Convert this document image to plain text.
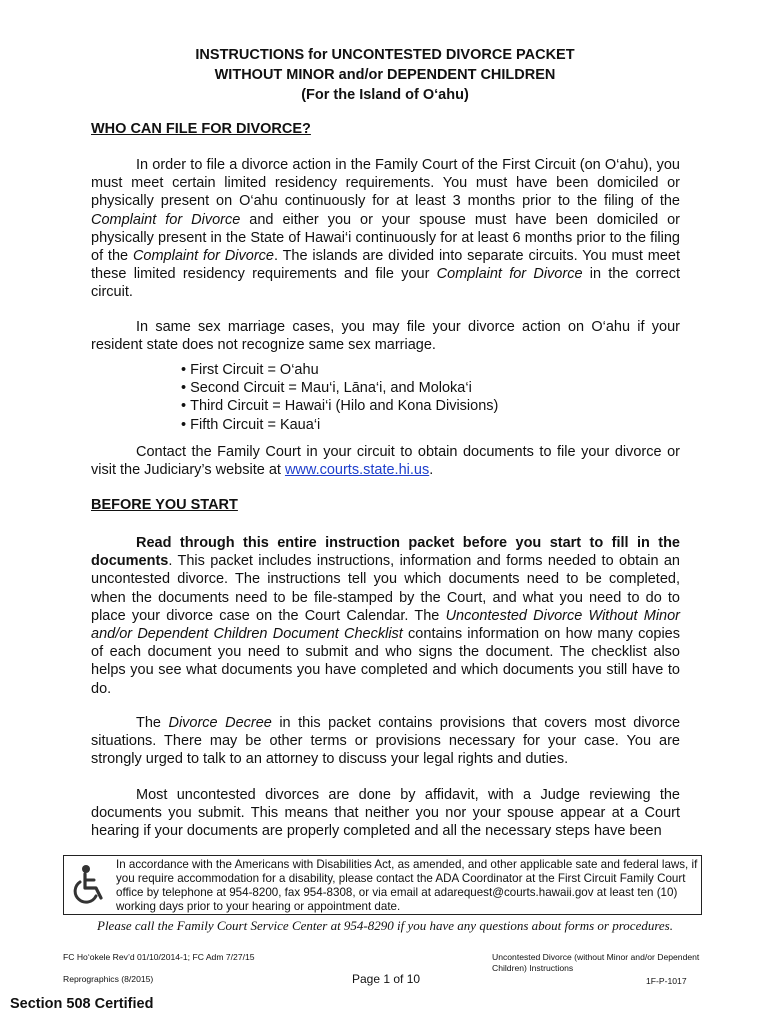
INSTRUCTIONS for UNCONTESTED DIVORCE PACKET
WITHOUT MINOR and/or DEPENDENT CHILDREN
(For the Island of O‘ahu)
WHO CAN FILE FOR DIVORCE?

In order to file a divorce action in the Family Court of the First Circuit (on O‘ahu), you must meet certain limited residency requirements. You must have been domiciled or physically present on O‘ahu continuously for at least 3 months prior to the filing of the Complaint for Divorce and either you or your spouse must have been domiciled or physically present in the State of Hawai‘i continuously for at least 6 months prior to the filing of the Complaint for Divorce. The islands are divided into separate circuits. You must meet these limited residency requirements and file your Complaint for Divorce in the correct circuit.

In same sex marriage cases, you may file your divorce action on O‘ahu if your resident state does not recognize same sex marriage.

• First Circuit = O‘ahu
• Second Circuit = Mau‘i, Lāna‘i, and Moloka‘i
• Third Circuit = Hawai‘i (Hilo and Kona Divisions)
• Fifth Circuit = Kaua‘i

Contact the Family Court in your circuit to obtain documents to file your divorce or visit the Judiciary’s website at www.courts.state.hi.us.

BEFORE YOU START

Read through this entire instruction packet before you start to fill in the documents. This packet includes instructions, information and forms needed to obtain an uncontested divorce. The instructions tell you which documents need to be completed, when the documents need to be file-stamped by the Court, and what you need to do to place your divorce case on the Court Calendar. The Uncontested Divorce Without Minor and/or Dependent Children Document Checklist contains information on how many copies of each document you need to submit and who signs the document. The checklist also helps you see what documents you have completed and which documents you still have to do.

The Divorce Decree in this packet contains provisions that covers most divorce situations. There may be other terms or provisions necessary for your case. You are strongly urged to talk to an attorney to discuss your legal rights and duties.

Most uncontested divorces are done by affidavit, with a Judge reviewing the documents you submit. This means that neither you nor your spouse appear at a Court hearing if your documents are properly completed and all the necessary steps have been

In accordance with the Americans with Disabilities Act, as amended, and other applicable sate and federal laws, if you require accommodation for a disability, please contact the ADA Coordinator at the First Circuit Family Court office by telephone at 954-8200, fax 954-8308, or via email at adarequest@courts.hawaii.gov at least ten (10) working days prior to your hearing or appointment date.

Please call the Family Court Service Center at 954-8290 if you have any questions about forms or procedures.
FC Ho‘okele Rev’d 01/10/2014-1; FC Adm 7/27/15
Reprographics (8/2015)	Page 1 of 10
Uncontested Divorce (without Minor and/or Dependent Children) Instructions
1F-P-1017
Section 508 Certified
